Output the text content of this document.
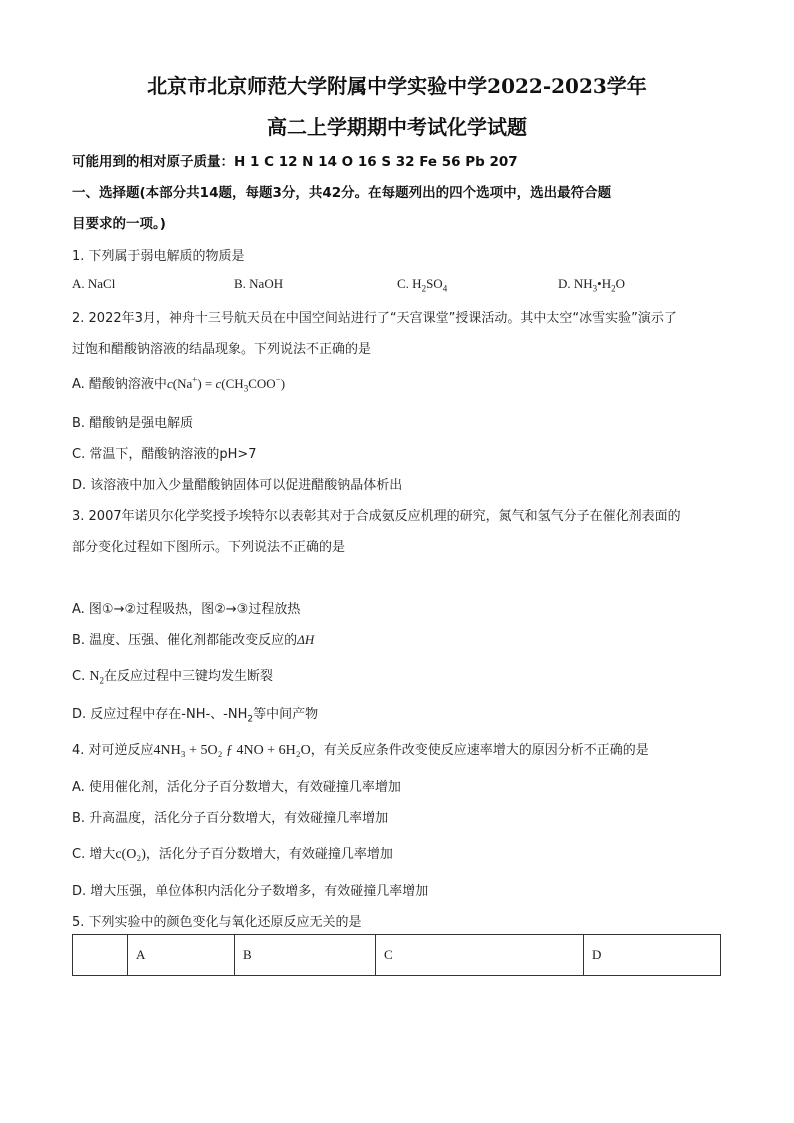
北京市北京师范大学附属中学实验中学2022-2023学年
高二上学期期中考试化学试题
可能用到的相对原子质量：H 1 C 12 N 14 O 16 S 32 Fe 56 Pb 207
一、选择题(本部分共14题，每题3分，共42分。在每题列出的四个选项中，选出最符合题
目要求的一项。)
1. 下列属于弱电解质的物质是
A. NaCl	B. NaOH	C. $H_2SO_4$	D. $NH_3•H_2O$
2. 2022年3月，神舟十三号航天员在中国空间站进行了“天宫课堂”授课活动。其中太空“冰雪实验”演示了
过饱和醋酸钠溶液的结晶现象。下列说法不正确的是
A. 醋酸钠溶液中$c(Na^+) = c(CH_3COO^-)$
B. 醋酸钠是强电解质
C. 常温下，醋酸钠溶液的pH>7
D. 该溶液中加入少量醋酸钠固体可以促进醋酸钠晶体析出
3. 2007年诺贝尔化学奖授予埃特尔以表彰其对于合成氨反应机理的研究，氮气和氢气分子在催化剂表面的
部分变化过程如下图所示。下列说法不正确的是
A. 图①→②过程吸热，图②→③过程放热
B. 温度、压强、催化剂都能改变反应的ΔH
C. $N_2$在反应过程中三键均发生断裂
D. 反应过程中存在-NH-、$-NH_2$等中间产物
4. 对可逆反应4NH₃ + 5O₂ ƒ 4NO + 6H₂O，有关反应条件改变使反应速率增大的原因分析不正确的是
A. 使用催化剂，活化分子百分数增大，有效碰撞几率增加
B. 升高温度，活化分子百分数增大，有效碰撞几率增加
C. 增大c(O₂)，活化分子百分数增大，有效碰撞几率增加
D. 增大压强，单位体积内活化分子数增多，有效碰撞几率增加
5. 下列实验中的颜色变化与氧化还原反应无关的是
	A	B	C	D
